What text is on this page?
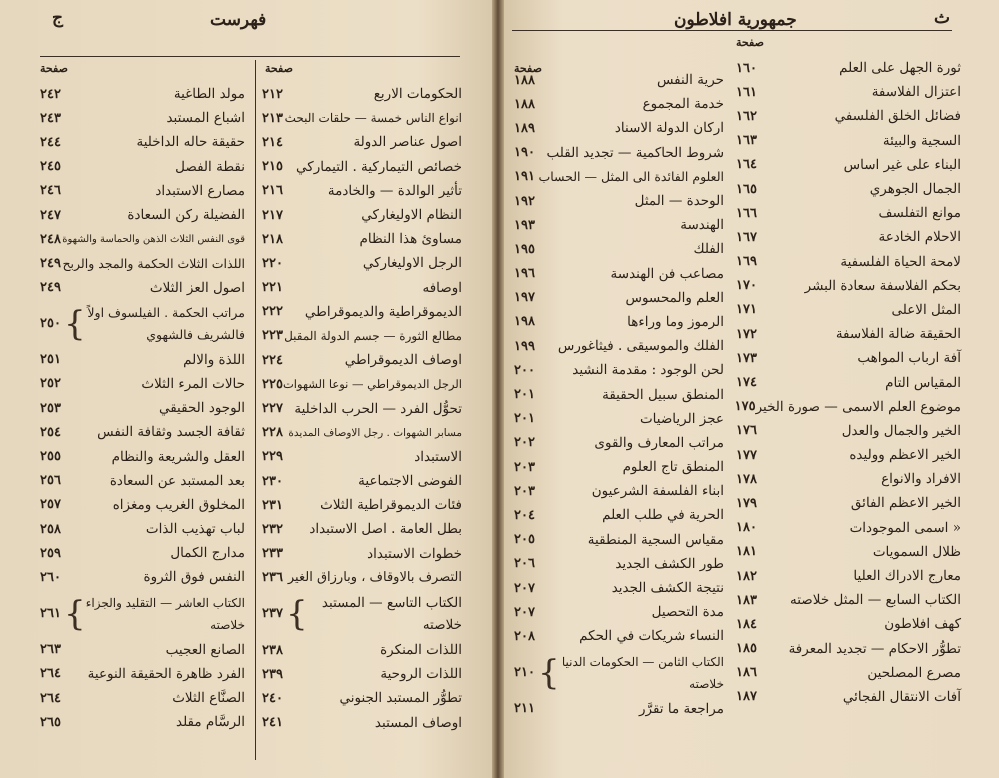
فهرست
ج
صفحة
صفحة
الحكومات الاربع
٢١٢
انواع الناس خمسة — حلقات البحث
٢١٣
اصول عناصر الدولة
٢١٤
خصائص التيماركية . التيماركي
٢١٥
تأثير الوالدة — والخادمة
٢١٦
النظام الاوليغاركي
٢١٧
مساوئ هذا النظام
٢١٨
الرجل الاوليغاركي
٢٢٠
اوصافه
٢٢١
الديموقراطية والديموقراطي
٢٢٢
مطالع الثورة — جسم الدولة المقبل
٢٢٣
اوصاف الديموقراطي
٢٢٤
الرجل الديموقراطي — نوعا الشهوات
٢٢٥
تحوُّل الفرد — الحرب الداخلية
٢٢٧
مسابر الشهوات . رجل الاوصاف المديدة
٢٢٨
الاستبداد
٢٢٩
الفوضى الاجتماعية
٢٣٠
فئات الديموقراطية الثلاث
٢٣١
بطل العامة . اصل الاستبداد
٢٣٢
خطوات الاستبداد
٢٣٣
التصرف بالاوقاف ، وبارزاق الغير
٢٣٦
الكتاب التاسع — المستبد
خلاصته
}
٢٣٧
اللذات المنكرة
٢٣٨
اللذات الروحية
٢٣٩
تطوُّر المستبد الجنوني
٢٤٠
اوصاف المستبد
٢٤١
مولد الطاغية
٢٤٢
اشباع المستبد
٢٤٣
حقيقة حاله الداخلية
٢٤٤
نقطة الفصل
٢٤٥
مصارع الاستبداد
٢٤٦
الفضيلة ركن السعادة
٢٤٧
قوى النفس الثلاث الذهن والحماسة والشهوة
٢٤٨
اللذات الثلاث الحكمة والمجد والربح
٢٤٩
اصول العز الثلاث
٢٤٩
مراتب الحكمة . الفيلسوف اولاً
فالشريف فالشهوي
}
٢٥٠
اللذة والالم
٢٥١
حالات المرء الثلاث
٢٥٢
الوجود الحقيقي
٢٥٣
ثقافة الجسد وثقافة النفس
٢٥٤
العقل والشريعة والنظام
٢٥٥
بعد المستبد عن السعادة
٢٥٦
المخلوق الغريب ومغزاه
٢٥٧
لباب تهذيب الذات
٢٥٨
مدارج الكمال
٢٥٩
النفس فوق الثروة
٢٦٠
الكتاب العاشر — التقليد والجزاء
خلاصته
}
٢٦١
الصانع العجيب
٢٦٣
الفرد ظاهرة الحقيقة النوعية
٢٦٤
الصنَّاع الثلاث
٢٦٤
الرسَّام مقلد
٢٦٥
جمهورية افلاطون	ث
صفحة
صفحة	ثورة الجهل على العلم
١٦٠
اعتزال الفلاسفة
١٦١
فضائل الخلق الفلسفي
١٦٢
السجية والبيئة
١٦٣
البناء على غير اساس
١٦٤
الجمال الجوهري
١٦٥
موانع التفلسف
١٦٦
الاحلام الخادعة
١٦٧
لامحة الحياة الفلسفية
١٦٩
بحكم الفلاسفة سعادة البشر
١٧٠
المثل الاعلى
١٧١
الحقيقة ضالة الفلاسفة
١٧٢
آفة ارباب المواهب
١٧٣
المقياس التام
١٧٤
موضوع العلم الاسمى — صورة الخير
١٧٥
الخير والجمال والعدل
١٧٦
الخير الاعظم ووليده
١٧٧
الافراد والانواع
١٧٨
الخير الاعظم الفائق
١٧٩
« اسمى الموجودات
١٨٠
ظلال السمويات
١٨١
معارج الادراك العليا
١٨٢
الكتاب السابع — المثل خلاصته
١٨٣
كهف افلاطون
١٨٤
تطوُّر الاحكام — تجديد المعرفة
١٨٥
مصرع المصلحين
١٨٦
آفات الانتقال الفجائي
١٨٧
حرية النفس
١٨٨
خدمة المجموع
١٨٨
اركان الدولة الاسناد
١٨٩
شروط الحاكمية — تجديد القلب
١٩٠
العلوم الفائدة الى المثل — الحساب
١٩١
الوحدة — المثل
١٩٢
الهندسة
١٩٣
الفلك
١٩٥
مصاعب فن الهندسة
١٩٦
العلم والمحسوس
١٩٧
الرموز وما وراءها
١٩٨
الفلك والموسيقى . فيثاغورس
١٩٩
لحن الوجود : مقدمة النشيد
٢٠٠
المنطق سبيل الحقيقة
٢٠١
عجز الرياضيات
٢٠١
مراتب المعارف والقوى
٢٠٢
المنطق تاج العلوم
٢٠٣
ابناء الفلسفة الشرعيون
٢٠٣
الحرية في طلب العلم
٢٠٤
مقياس السجية المنطقية
٢٠٥
طور الكشف الجديد
٢٠٦
نتيجة الكشف الجديد
٢٠٧
مدة التحصيل
٢٠٧
النساء شريكات في الحكم
٢٠٨
الكتاب الثامن — الحكومات الدنيا
خلاصته
}
٢١٠
مراجعة ما تقرَّر
٢١١
